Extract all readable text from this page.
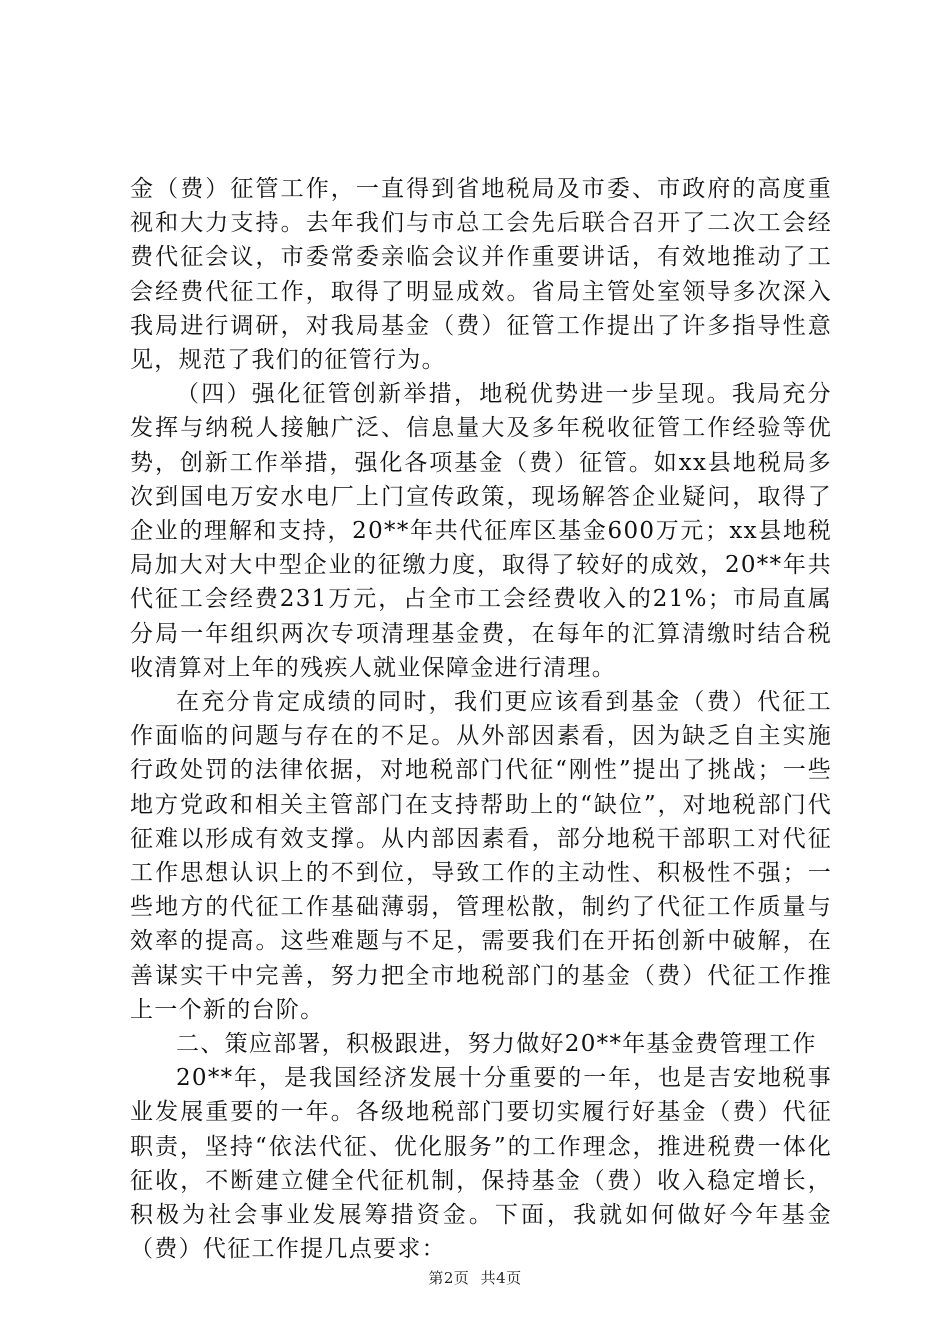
金（费）征管工作，一直得到省地税局及市委、市政府的高度重视和大力支持。去年我们与市总工会先后联合召开了二次工会经费代征会议，市委常委亲临会议并作重要讲话，有效地推动了工会经费代征工作，取得了明显成效。省局主管处室领导多次深入我局进行调研，对我局基金（费）征管工作提出了许多指导性意见，规范了我们的征管行为。

（四）强化征管创新举措，地税优势进一步呈现。我局充分发挥与纳税人接触广泛、信息量大及多年税收征管工作经验等优势，创新工作举措，强化各项基金（费）征管。如xx县地税局多次到国电万安水电厂上门宣传政策，现场解答企业疑问，取得了企业的理解和支持，20**年共代征库区基金600万元；xx县地税局加大对大中型企业的征缴力度，取得了较好的成效，20**年共代征工会经费231万元，占全市工会经费收入的21%；市局直属分局一年组织两次专项清理基金费，在每年的汇算清缴时结合税收清算对上年的残疾人就业保障金进行清理。

在充分肯定成绩的同时，我们更应该看到基金（费）代征工作面临的问题与存在的不足。从外部因素看，因为缺乏自主实施行政处罚的法律依据，对地税部门代征“刚性”提出了挑战；一些地方党政和相关主管部门在支持帮助上的“缺位”，对地税部门代征难以形成有效支撑。从内部因素看，部分地税干部职工对代征工作思想认识上的不到位，导致工作的主动性、积极性不强；一些地方的代征工作基础薄弱，管理松散，制约了代征工作质量与效率的提高。这些难题与不足，需要我们在开拓创新中破解，在善谋实干中完善，努力把全市地税部门的基金（费）代征工作推上一个新的台阶。

二、策应部署，积极跟进，努力做好20**年基金费管理工作

20**年，是我国经济发展十分重要的一年，也是吉安地税事业发展重要的一年。各级地税部门要切实履行好基金（费）代征职责，坚持“依法代征、优化服务”的工作理念，推进税费一体化征收，不断建立健全代征机制，保持基金（费）收入稳定增长，积极为社会事业发展筹措资金。下面，我就如何做好今年基金（费）代征工作提几点要求：

第2页 共4页
